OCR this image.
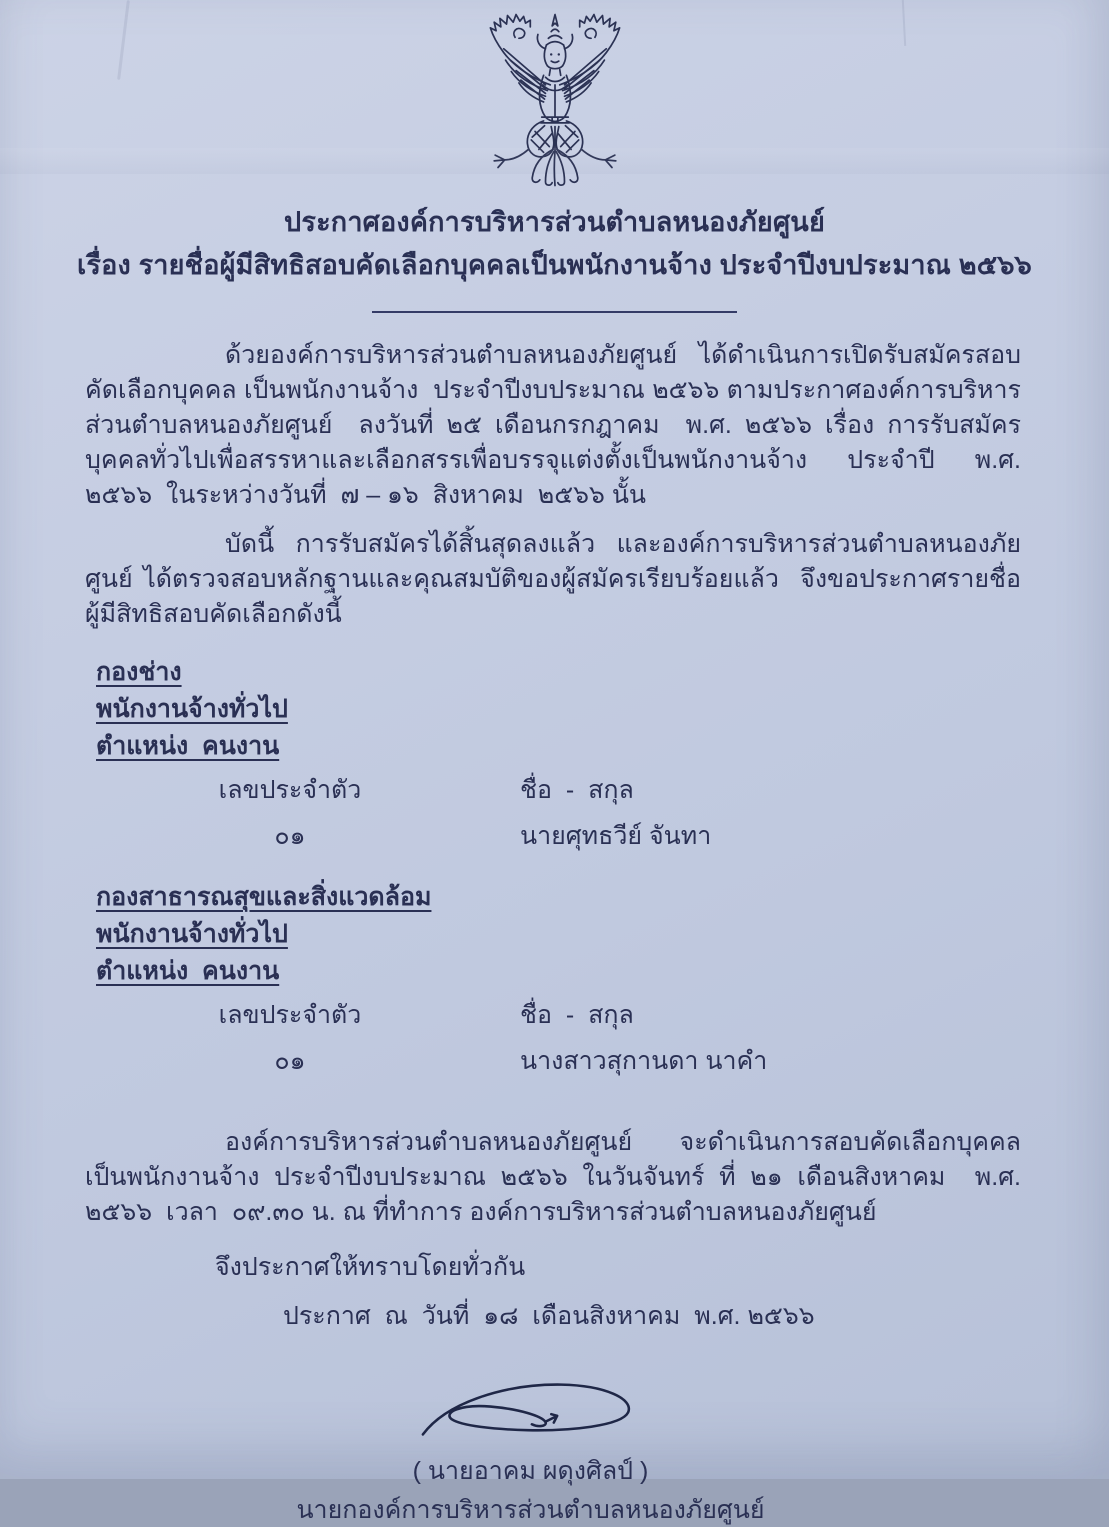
ประกาศองค์การบริหารส่วนตำบลหนองภัยศูนย์
เรื่อง รายชื่อผู้มีสิทธิสอบคัดเลือกบุคคลเป็นพนักงานจ้าง ประจำปีงบประมาณ ๒๕๖๖
ด้วยองค์การบริหารส่วนตำบลหนองภัยศูนย์  ได้ดำเนินการเปิดรับสมัครสอบคัดเลือกบุคคล เป็นพนักงานจ้าง  ประจำปีงบประมาณ ๒๕๖๖ ตามประกาศองค์การบริหารส่วนตำบลหนองภัยศูนย์  ลงวันที่ ๒๕ เดือนกรกฎาคม  พ.ศ. ๒๕๖๖ เรื่อง การรับสมัครบุคคลทั่วไปเพื่อสรรหาและเลือกสรรเพื่อบรรจุแต่งตั้งเป็นพนักงานจ้าง ประจำปี พ.ศ. ๒๕๖๖  ในระหว่างวันที่  ๗ – ๑๖  สิงหาคม  ๒๕๖๖ นั้น
บัดนี้  การรับสมัครได้สิ้นสุดลงแล้ว  และองค์การบริหารส่วนตำบลหนองภัยศูนย์ ได้ตรวจสอบหลักฐานและคุณสมบัติของผู้สมัครเรียบร้อยแล้ว  จึงขอประกาศรายชื่อผู้มีสิทธิสอบคัดเลือกดังนี้
กองช่าง
พนักงานจ้างทั่วไป
ตำแหน่ง  คนงาน
เลขประจำตัว	ชื่อ  -  สกุล
๐๑	นายศุทธวีย์ จันทา
กองสาธารณสุขและสิ่งแวดล้อม
พนักงานจ้างทั่วไป
ตำแหน่ง  คนงาน
เลขประจำตัว	ชื่อ  -  สกุล
๐๑	นางสาวสุกานดา นาคำ
องค์การบริหารส่วนตำบลหนองภัยศูนย์  จะดำเนินการสอบคัดเลือกบุคคลเป็นพนักงานจ้าง ประจำปีงบประมาณ ๒๕๖๖ ในวันจันทร์ ที่ ๒๑ เดือนสิงหาคม  พ.ศ. ๒๕๖๖  เวลา  ๐๙.๓๐ น. ณ ที่ทำการ องค์การบริหารส่วนตำบลหนองภัยศูนย์
จึงประกาศให้ทราบโดยทั่วกัน
ประกาศ  ณ  วันที่  ๑๘  เดือนสิงหาคม  พ.ศ. ๒๕๖๖
( นายอาคม ผดุงศิลป์ )
นายกองค์การบริหารส่วนตำบลหนองภัยศูนย์
